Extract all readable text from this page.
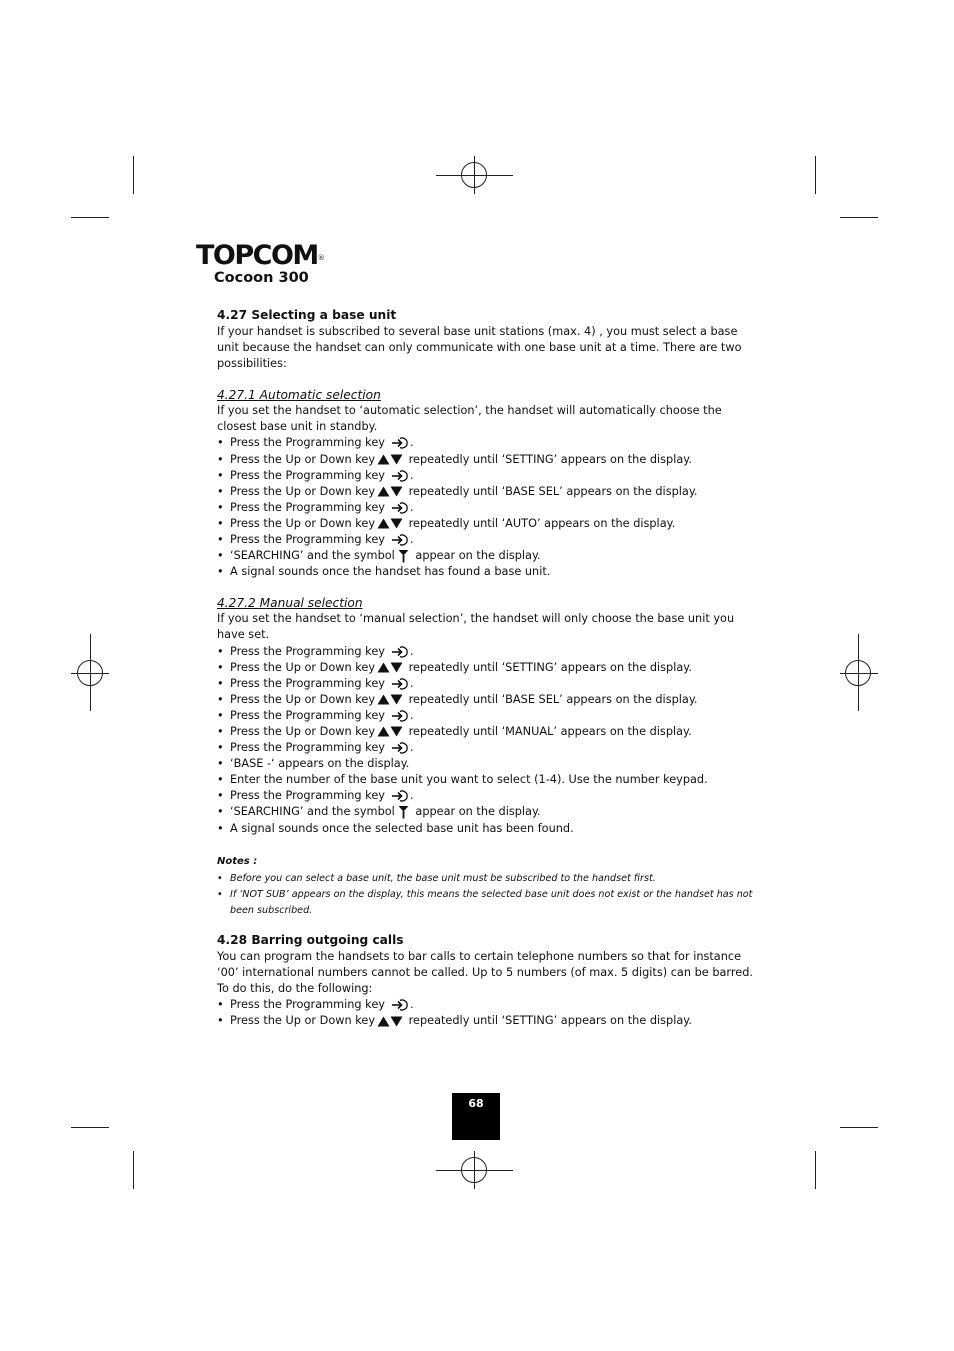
TOPCOM®
Cocoon 300
4.27 Selecting a base unit

If your handset is subscribed to several base unit stations (max. 4) , you must select a base unit because the handset can only communicate with one base unit at a time. There are two possibilities:

4.27.1 Automatic selection

If you set the handset to ‘automatic selection’, the handset will automatically choose the closest base unit in standby.

• Press the Programming key .
• Press the Up or Down key	repeatedly until ‘SETTING’ appears on the display.
• Press the Programming key .
• Press the Up or Down key	repeatedly until ‘BASE SEL’ appears on the display.
• Press the Programming key .
• Press the Up or Down key	repeatedly until ‘AUTO’ appears on the display.
• Press the Programming key .
• ‘SEARCHING’ and the symbol appear on the display.
• A signal sounds once the handset has found a base unit.
4.27.2 Manual selection

If you set the handset to ‘manual selection’, the handset will only choose the base unit you have set.

• Press the Programming key .
• Press the Up or Down key	repeatedly until ‘SETTING’ appears on the display.
• Press the Programming key .
• Press the Up or Down key	repeatedly until ‘BASE SEL’ appears on the display.
• Press the Programming key .
• Press the Up or Down key	repeatedly until ‘MANUAL’ appears on the display.
• Press the Programming key .
• ‘BASE -‘ appears on the display.
• Enter the number of the base unit you want to select (1-4). Use the number keypad.
• Press the Programming key .
• ‘SEARCHING’ and the symbol appear on the display.
• A signal sounds once the selected base unit has been found.
Notes :
• Before you can select a base unit, the base unit must be subscribed to the handset first.
• If ‘NOT SUB’ appears on the display, this means the selected base unit does not exist or the handset has not been subscribed.
4.28 Barring outgoing calls

You can program the handsets to bar calls to certain telephone numbers so that for instance ‘00’ international numbers cannot be called. Up to 5 numbers (of max. 5 digits) can be barred.

To do this, do the following:

• Press the Programming key .
• Press the Up or Down key	repeatedly until ‘SETTING’ appears on the display.
68
